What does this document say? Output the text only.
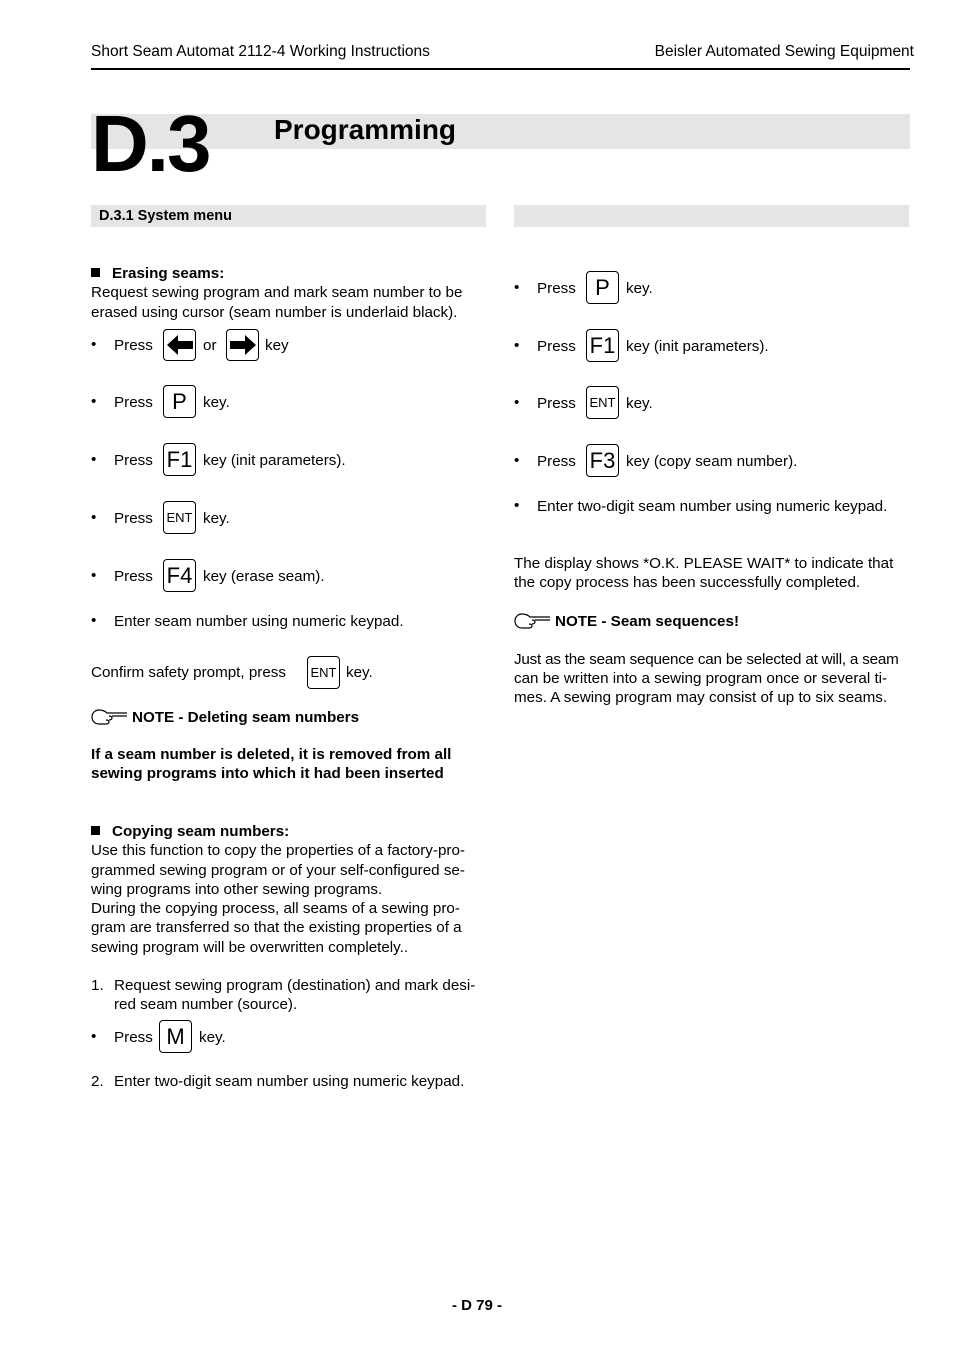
Short Seam Automat 2112-4 Working Instructions	Beisler Automated Sewing Equipment
D.3 Programming
D.3.1 System menu
Erasing seams:
Request sewing program and mark seam number to be
erased using cursor (seam number is underlaid black).
• Press	or	key
• Press P	key.
• Press F1 key (init parameters).
• Press ENT key.
• Press F4 key (erase seam).
• Enter seam number using numeric keypad.
Confirm safety prompt, press ENT key.
NOTE - Deleting seam numbers
If a seam number is deleted, it is removed from all
sewing programs into which it had been inserted
Copying seam numbers:
Use this function to copy the properties of a factory-pro-
grammed sewing program or of your self-configured se-
wing programs into other sewing programs.
During the copying process, all seams of a sewing pro-
gram are transferred so that the existing properties of a
sewing program will be overwritten completely..
1. Request sewing program (destination) and mark desi-
red seam number (source).
• Press M key.
2. Enter two-digit seam number using numeric keypad.
• Press P	key.
• Press F1 key (init parameters).
• Press ENT key.
• Press F3 key (copy seam number).
• Enter two-digit seam number using numeric keypad.
The display shows *O.K. PLEASE WAIT* to indicate that
the copy process has been successfully completed.
NOTE - Seam sequences!
Just as the seam sequence can be selected at will, a seam
can be written into a sewing program once or several ti-
mes. A sewing program may consist of up to six seams.
- D 79 -
